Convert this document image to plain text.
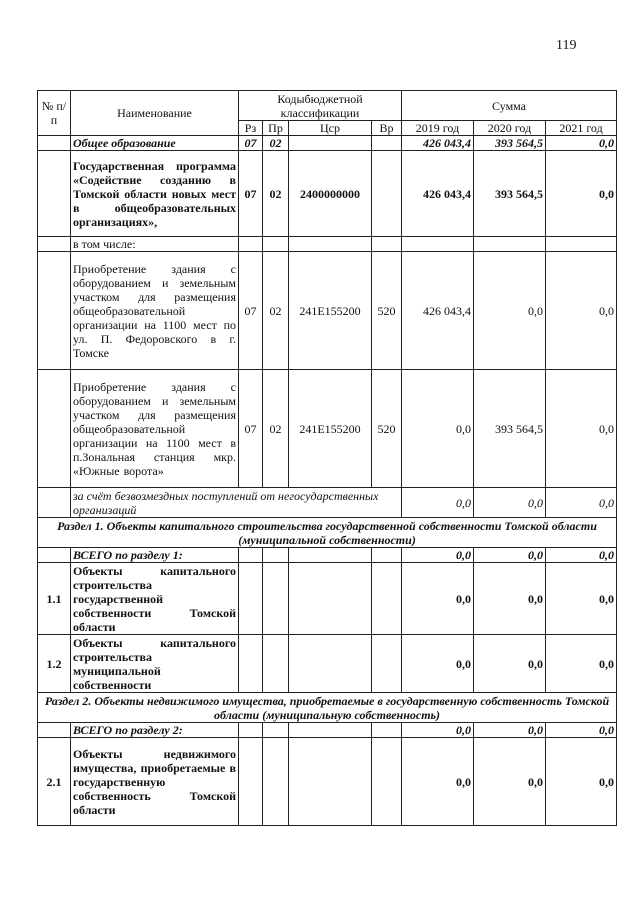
119
№ п/п	Наименование	Кодыбюджетной классификации				Сумма		
		Рз	Пр	Цср	Вр	2019 год	2020 год	2021 год
	Общее образование	07	02			426 043,4	393 564,5	0,0
	Государственная программа «Содействие созданию в Томской области новых мест в общеобразовательных организациях»,	07	02	2400000000		426 043,4	393 564,5	0,0
	в том числе:							
	Приобретение здания с оборудованием и земельным участком для размещения общеобразовательной организации на 1100 мест по ул. П. Федоровского в г. Томске	07	02	241E155200	520	426 043,4	0,0	0,0
	Приобретение здания с оборудованием и земельным участком для размещения общеобразовательной организации на 1100 мест в п.Зональная станция мкр. «Южные ворота»	07	02	241E155200	520	0,0	393 564,5	0,0
	за счёт безвозмездных поступлений от негосударственных организаций					0,0	0,0	0,0
Раздел 1. Объекты капитального строительства государственной собственности Томской области (муниципальной собственности)								
	ВСЕГО по разделу 1:					0,0	0,0	0,0
1.1	Объекты капитального строительства государственной собственности Томской области					0,0	0,0	0,0
1.2	Объекты капитального строительства муниципальной собственности					0,0	0,0	0,0
Раздел 2. Объекты недвижимого имущества, приобретаемые в государственную собственность Томской области (муниципальную собственность)								
	ВСЕГО по разделу 2:					0,0	0,0	0,0
2.1	Объекты недвижимого имущества, приобретаемые в государственную собственность Томской области					0,0	0,0	0,0
